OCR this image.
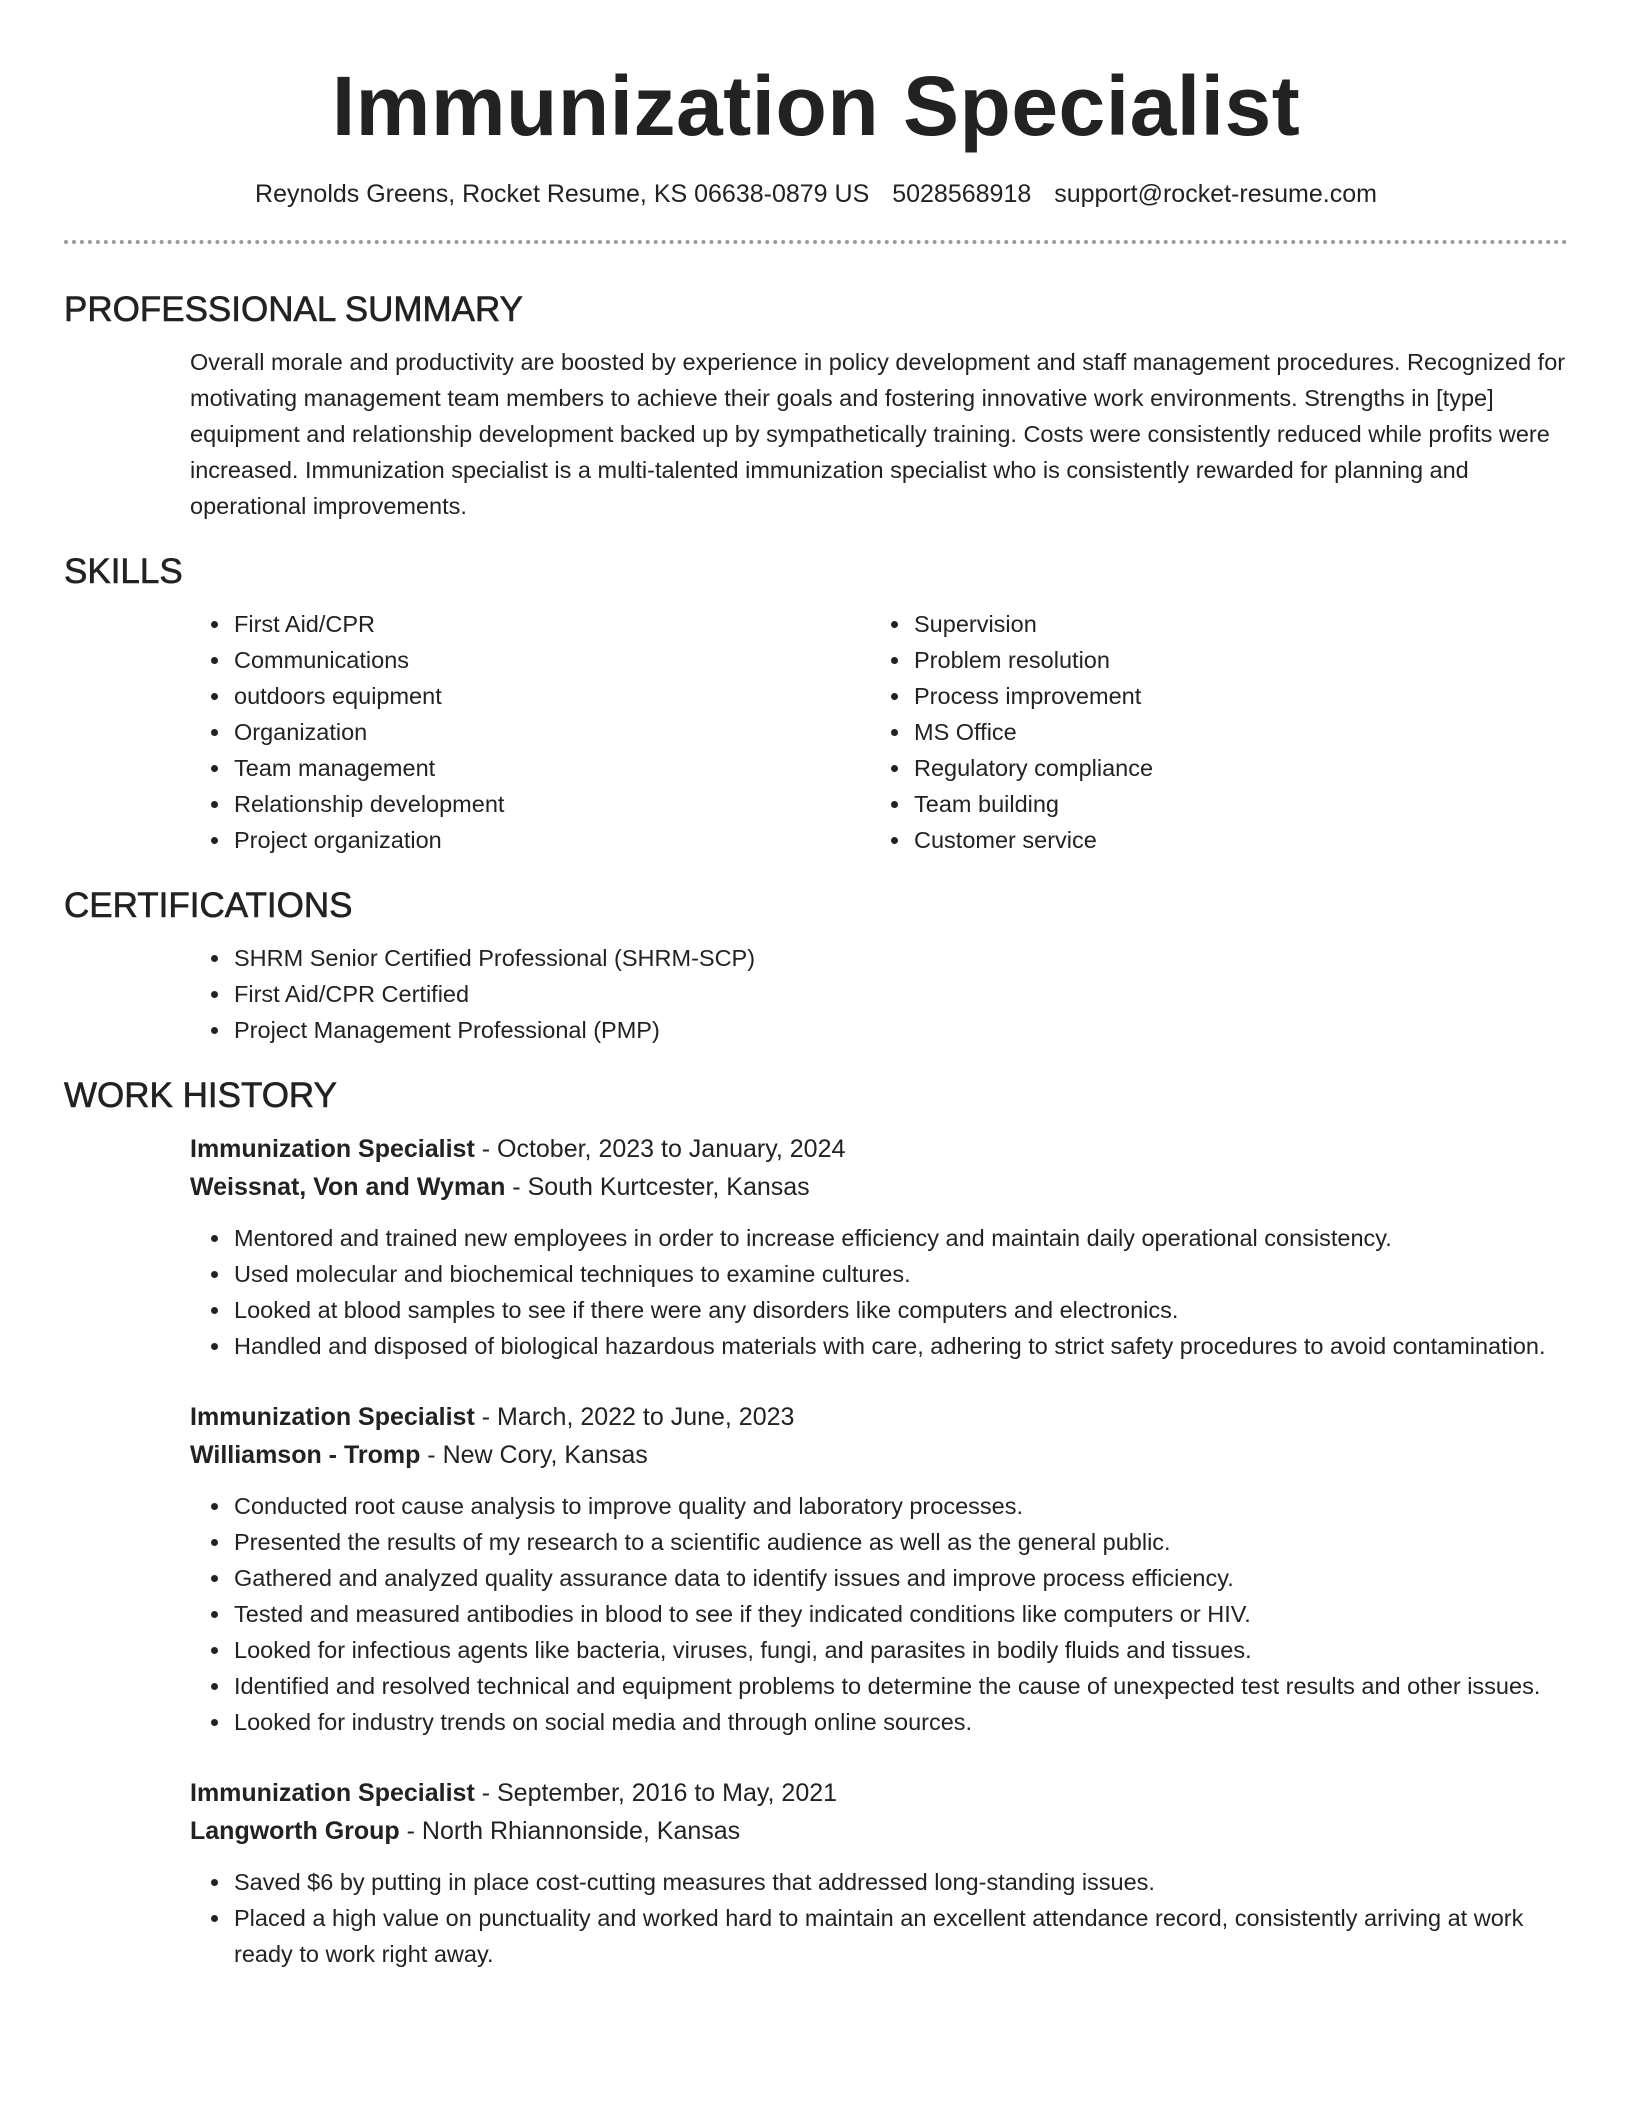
Immunization Specialist
Reynolds Greens, Rocket Resume, KS 06638-0879 US 5028568918 support@rocket-resume.com
PROFESSIONAL SUMMARY
Overall morale and productivity are boosted by experience in policy development and staff management procedures. Recognized for motivating management team members to achieve their goals and fostering innovative work environments. Strengths in [type] equipment and relationship development backed up by sympathetically training. Costs were consistently reduced while profits were increased. Immunization specialist is a multi-talented immunization specialist who is consistently rewarded for planning and operational improvements.
SKILLS
• First Aid/CPR
• Communications
• outdoors equipment
• Organization
• Team management
• Relationship development
• Project organization
• Supervision
• Problem resolution
• Process improvement
• MS Office
• Regulatory compliance
• Team building
• Customer service
CERTIFICATIONS
• SHRM Senior Certified Professional (SHRM-SCP)
• First Aid/CPR Certified
• Project Management Professional (PMP)
WORK HISTORY
Immunization Specialist - October, 2023 to January, 2024
Weissnat, Von and Wyman - South Kurtcester, Kansas
• Mentored and trained new employees in order to increase efficiency and maintain daily operational consistency.
• Used molecular and biochemical techniques to examine cultures.
• Looked at blood samples to see if there were any disorders like computers and electronics.
• Handled and disposed of biological hazardous materials with care, adhering to strict safety procedures to avoid contamination.
Immunization Specialist - March, 2022 to June, 2023
Williamson - Tromp - New Cory, Kansas
• Conducted root cause analysis to improve quality and laboratory processes.
• Presented the results of my research to a scientific audience as well as the general public.
• Gathered and analyzed quality assurance data to identify issues and improve process efficiency.
• Tested and measured antibodies in blood to see if they indicated conditions like computers or HIV.
• Looked for infectious agents like bacteria, viruses, fungi, and parasites in bodily fluids and tissues.
• Identified and resolved technical and equipment problems to determine the cause of unexpected test results and other issues.
• Looked for industry trends on social media and through online sources.
Immunization Specialist - September, 2016 to May, 2021
Langworth Group - North Rhiannonside, Kansas
• Saved $6 by putting in place cost-cutting measures that addressed long-standing issues.
• Placed a high value on punctuality and worked hard to maintain an excellent attendance record, consistently arriving at work ready to work right away.
